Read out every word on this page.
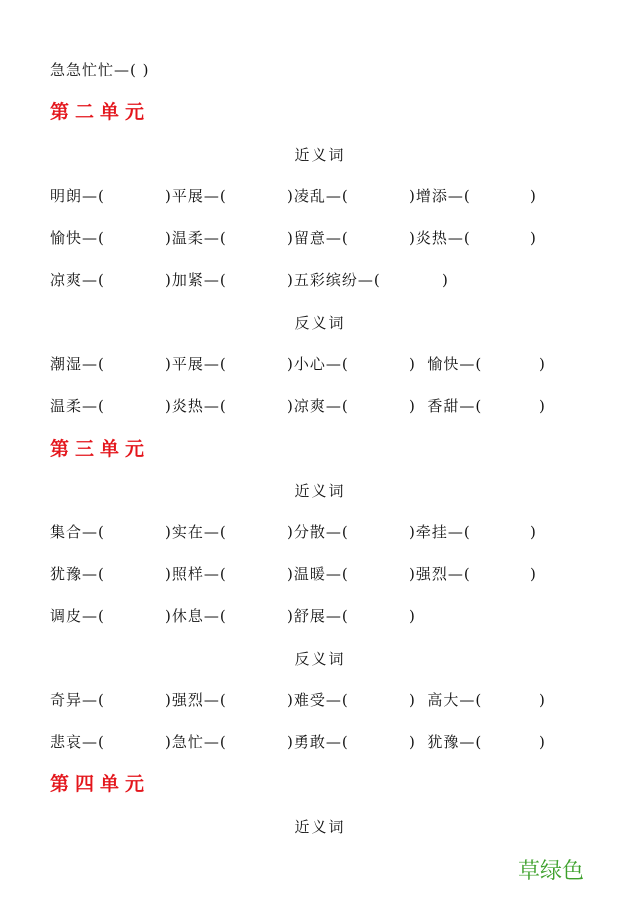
急急忙忙—( )
第二单元
近义词
明朗—(	)平展—(	)凌乱—(	)增添—(	)
愉快—(	)温柔—(	)留意—(	)炎热—(	)
凉爽—(	)加紧—(	)五彩缤纷—(	)
反义词
潮湿—(	)平展—(	)小心—(	)  愉快—(	)
温柔—(	)炎热—(	)凉爽—(	)  香甜—(	)
第三单元
近义词
集合—(	)实在—(	)分散—(	)牵挂—(	)
犹豫—(	)照样—(	)温暖—(	)强烈—(	)
调皮—(	)休息—(	)舒展—(	)
反义词
奇异—(	)强烈—(	)难受—(	)  高大—(	)
悲哀—(	)急忙—(	)勇敢—(	)  犹豫—(	)
第四单元
近义词
草绿色
